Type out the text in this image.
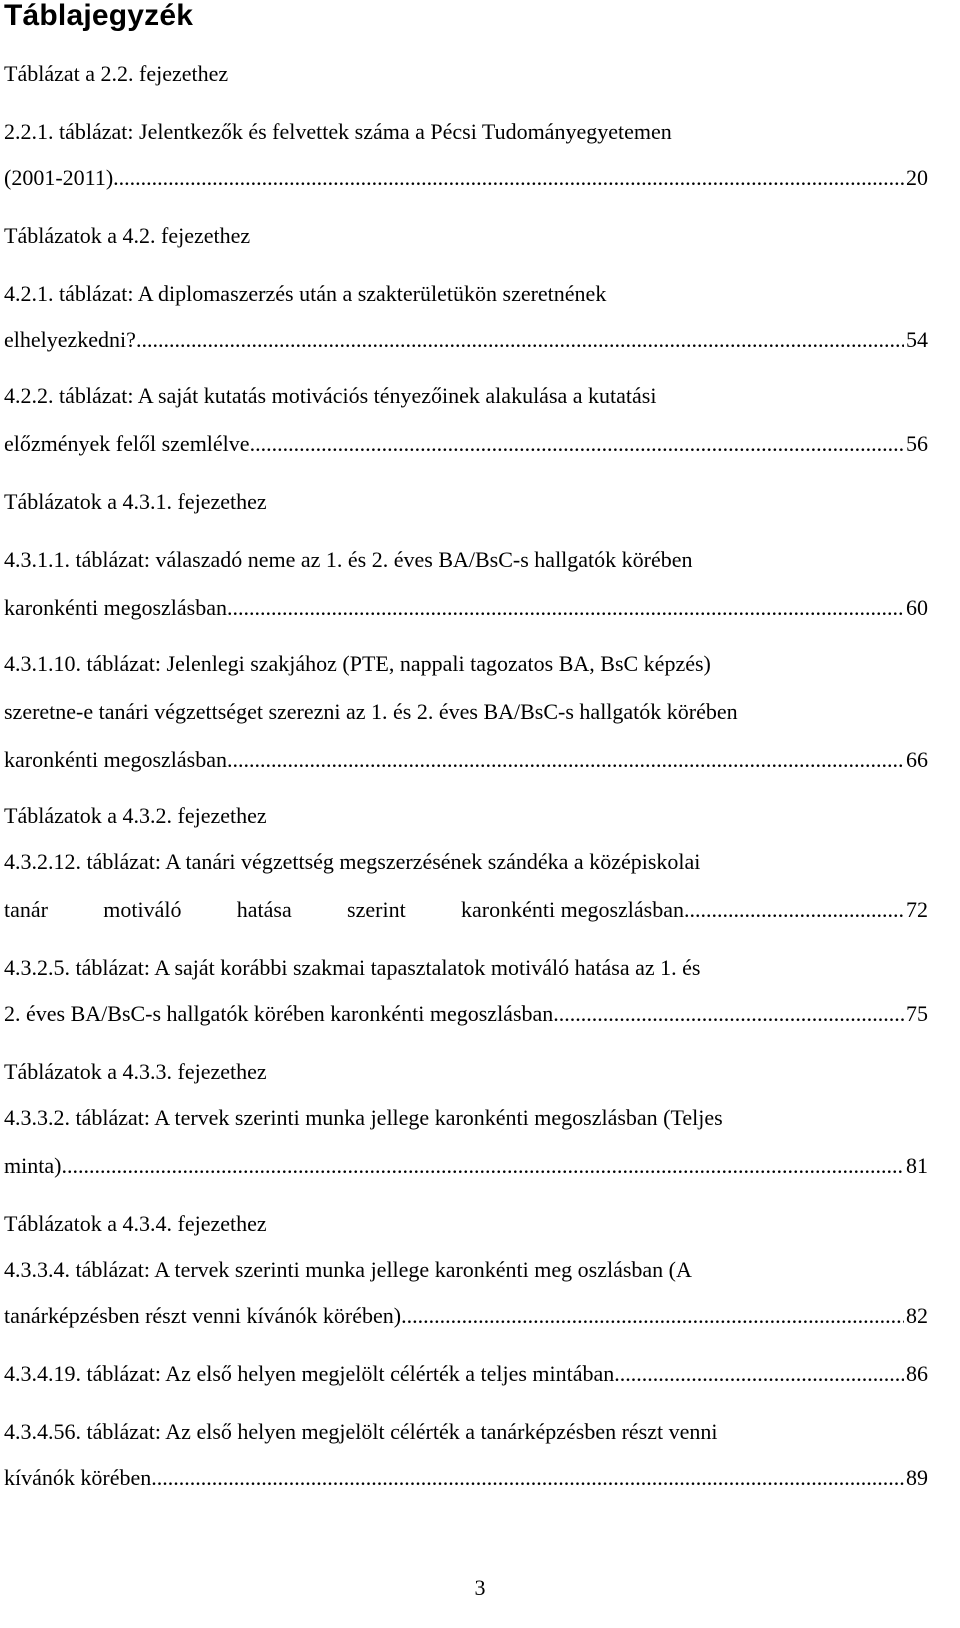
Táblajegyzék
Táblázat a 2.2. fejezethez
2.2.1. táblázat: Jelentkezők és felvettek száma a Pécsi Tudományegyetemen
(2001-2011) .....	20
Táblázatok a 4.2. fejezethez
4.2.1. táblázat: A diplomaszerzés után a szakterületükön szeretnének
elhelyezkedni? .....	54
4.2.2. táblázat: A saját kutatás motivációs tényezőinek alakulása a kutatási
előzmények felől szemlélve .....	56
Táblázatok a 4.3.1. fejezethez
4.3.1.1. táblázat: válaszadó neme az 1. és 2. éves BA/BsC-s hallgatók körében
karonkénti megoszlásban .....	60
4.3.1.10. táblázat: Jelenlegi szakjához (PTE, nappali tagozatos BA, BsC képzés)
szeretne-e tanári végzettséget szerezni az 1. és 2. éves BA/BsC-s hallgatók körében
karonkénti megoszlásban .....	66
Táblázatok a 4.3.2. fejezethez
4.3.2.12. táblázat: A tanári végzettség megszerzésének szándéka a középiskolai
tanár	motiváló	hatása	szerint	karonkénti megoszlásban .....	72
4.3.2.5. táblázat: A saját korábbi szakmai tapasztalatok motiváló hatása az 1. és
2. éves BA/BsC-s hallgatók körében karonkénti megoszlásban .....	75
Táblázatok a 4.3.3. fejezethez
4.3.3.2. táblázat: A tervek szerinti munka jellege karonkénti megoszlásban (Teljes
minta) .....	81
Táblázatok a 4.3.4. fejezethez
4.3.3.4. táblázat: A tervek szerinti munka jellege karonkénti meg oszlásban (A
tanárképzésben részt venni kívánók körében) .....	82
4.3.4.19. táblázat: Az első helyen megjelölt célérték a teljes mintában .....	86
4.3.4.56. táblázat: Az első helyen megjelölt célérték a tanárképzésben részt venni
kívánók körében .....	89
3
